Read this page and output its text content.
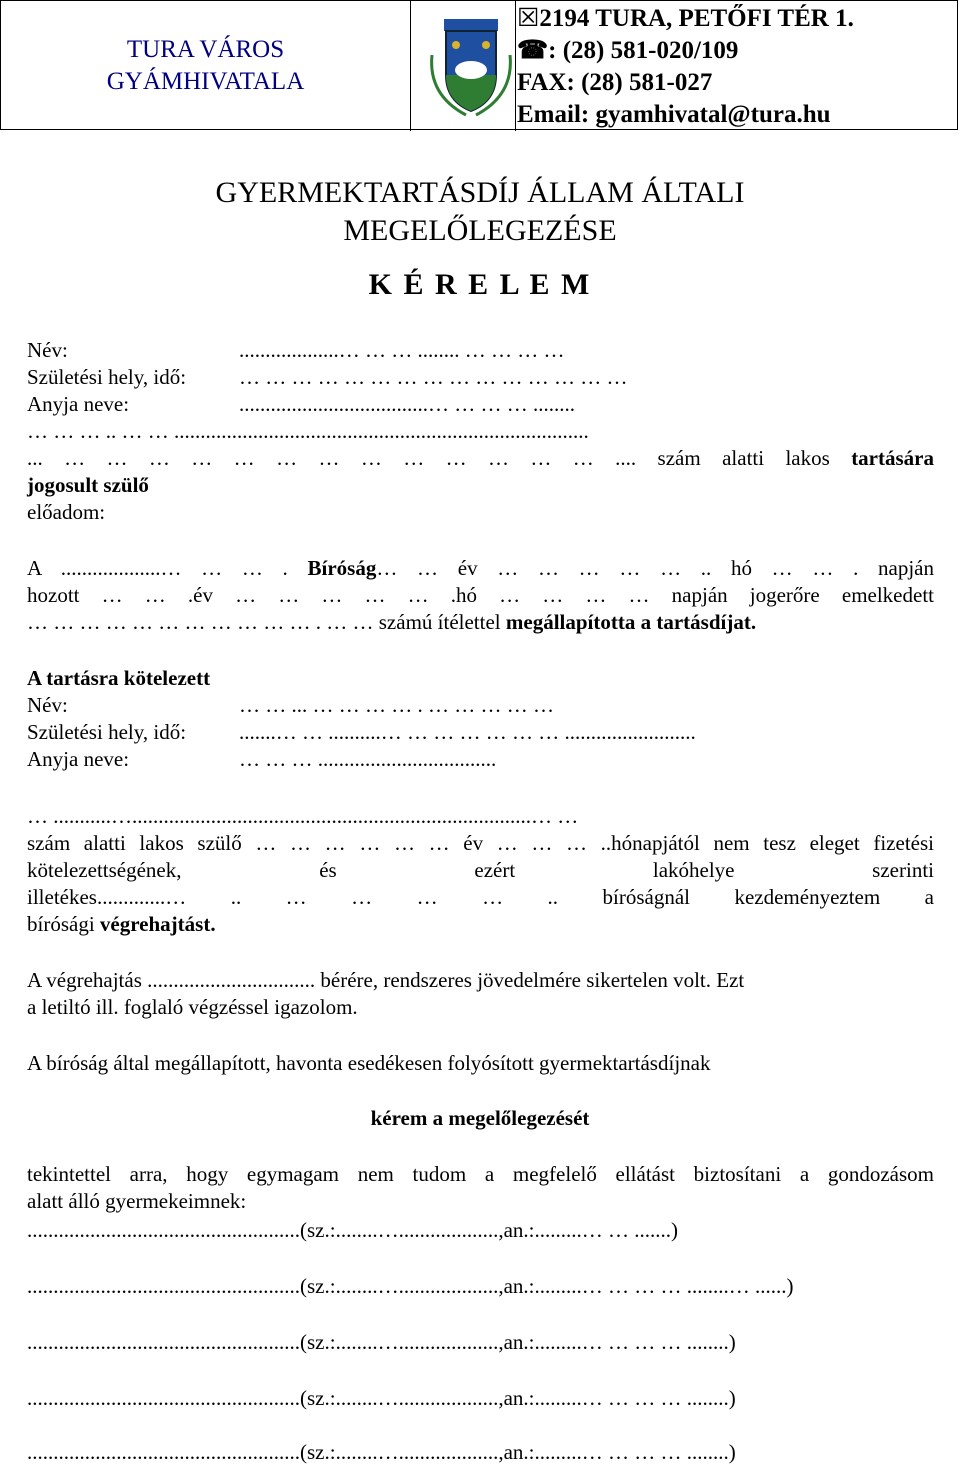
TURA VÁROS
GYÁMHIVATALA
☒2194 TURA, PETŐFI TÉR 1.
☎: (28) 581-020/109
FAX: (28) 581-027
Email: gyamhivatal@tura.hu
GYERMEKTARTÁSDÍJ ÁLLAM ÁLTALI
MEGELŐLEGEZÉSE
K É R E L E M
Név:	...................… … … ........ … … … …
Születési hely, idő:	… … … … … … … … … … … … … … …
Anyja neve:	....................................… … … … ........
… … … .. … … ...............................................................................
... … … … … … … … … … … … … … .... szám alatti lakos tartására
jogosult szülő
előadom:
A ...................… … … . Bíróság… … év … … … … … .. hó … … . napján
hozott … … .év … … … … … .hó … … … … napján jogerőre emelkedett
… … … … … … … … … … … . … … számú ítélettel megállapította a tartásdíjat.
A tartásra kötelezett
Név:	… … ... … … … … . … … … … …
Születési hely, idő:	.......… … ..........… … … … … … … .........................
Anyja neve:	… … … ..................................
… ...........…............................................................................… …
szám alatti lakos szülő … … … … … … év … … … ..hónapjától nem tesz eleget fizetési
kötelezettségének, és ezért lakóhelye szerinti
illetékes.............… .. … … … … .. bíróságnál kezdeményeztem a
bírósági végrehajtást.
A végrehajtás ................................ bérére, rendszeres jövedelmére sikertelen volt. Ezt
a letiltó ill. foglaló végzéssel igazolom.
A bíróság által megállapított, havonta esedékesen folyósított gyermektartásdíjnak
kérem a megelőlegezését
tekintettel arra, hogy egymagam nem tudom a megfelelő ellátást biztosítani a gondozásom
alatt álló gyermekeimnek:
....................................................(sz.:........…...................,an.:.........… … .......)
....................................................(sz.:........…...................,an.:.........… … … … ........… ......)
....................................................(sz.:........…...................,an.:.........… … … … ........)
....................................................(sz.:........…...................,an.:.........… … … … ........)
....................................................(sz.:........…...................,an.:.........… … … … ........)
